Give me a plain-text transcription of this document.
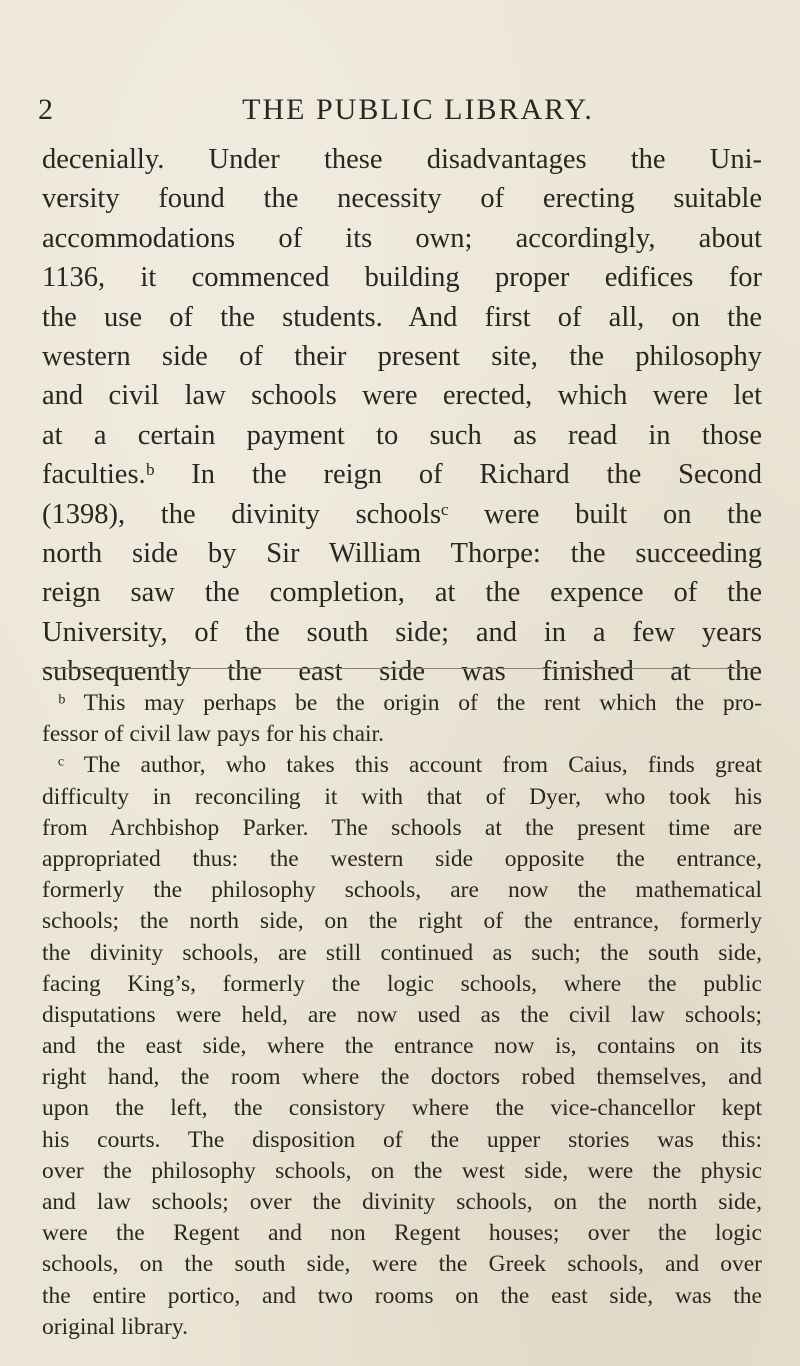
2	THE PUBLIC LIBRARY.
decenially. Under these disadvantages the Uni-
versity found the necessity of erecting suitable
accommodations of its own; accordingly, about
1136, it commenced building proper edifices for
the use of the students. And first of all, on the
western side of their present site, the philosophy
and civil law schools were erected, which were let
at a certain payment to such as read in those
faculties.ᵇ In the reign of Richard the Second
(1398), the divinity schoolsᶜ were built on the
north side by Sir William Thorpe: the succeeding
reign saw the completion, at the expence of the
University, of the south side; and in a few years
subsequently the east side was finished at the
ᵇ This may perhaps be the origin of the rent which the pro-
fessor of civil law pays for his chair.
ᶜ The author, who takes this account from Caius, finds great
difficulty in reconciling it with that of Dyer, who took his
from Archbishop Parker. The schools at the present time are
appropriated thus: the western side opposite the entrance,
formerly the philosophy schools, are now the mathematical
schools; the north side, on the right of the entrance, formerly
the divinity schools, are still continued as such; the south side,
facing King’s, formerly the logic schools, where the public
disputations were held, are now used as the civil law schools;
and the east side, where the entrance now is, contains on its
right hand, the room where the doctors robed themselves, and
upon the left, the consistory where the vice-chancellor kept
his courts. The disposition of the upper stories was this:
over the philosophy schools, on the west side, were the physic
and law schools; over the divinity schools, on the north side,
were the Regent and non Regent houses; over the logic
schools, on the south side, were the Greek schools, and over
the entire portico, and two rooms on the east side, was the
original library.
